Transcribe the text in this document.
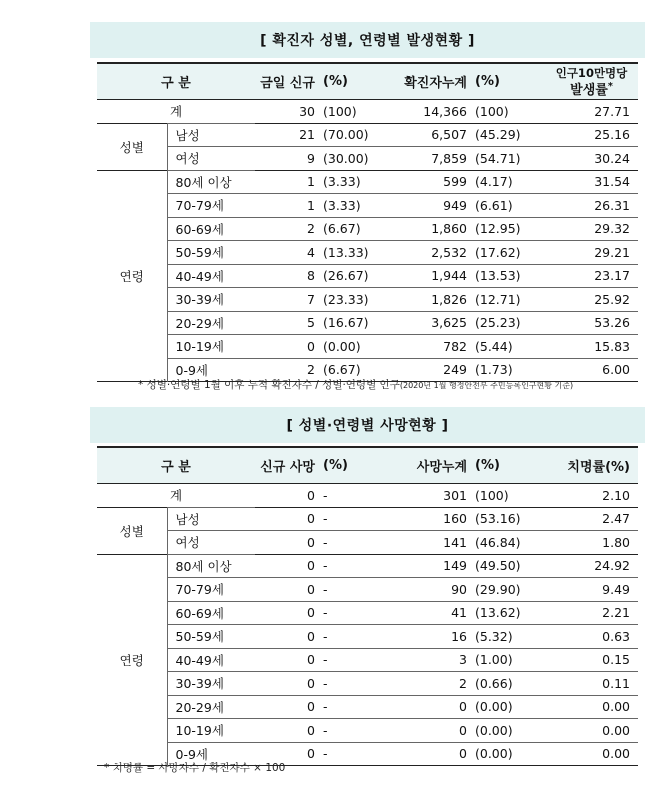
[ 확진자 성별, 연령별 발생현황 ]
구 분		금일 신규	(%)	확진자누계	(%)	인구10만명당
발생률*

계		30	(100)	14,366	(100)	27.71
성별	남성	21	(70.00)	6,507	(45.29)	25.16
	여성	9	(30.00)	7,859	(54.71)	30.24
연령	80세 이상	1	(3.33)	599	(4.17)	31.54
	70-79세	1	(3.33)	949	(6.61)	26.31
	60-69세	2	(6.67)	1,860	(12.95)	29.32
	50-59세	4	(13.33)	2,532	(17.62)	29.21
	40-49세	8	(26.67)	1,944	(13.53)	23.17
	30-39세	7	(23.33)	1,826	(12.71)	25.92
	20-29세	5	(16.67)	3,625	(25.23)	53.26
	10-19세	0	(0.00)	782	(5.44)	15.83
	0-9세	2	(6.67)	249	(1.73)	6.00
* 성별·연령별 1월 이후 누적 확진자수 / 성별·연령별 인구(2020년 1월 행정안전부 주민등록인구현황 기준)
[ 성별·연령별 사망현황 ]
구 분		신규 사망	(%)	사망누계	(%)	치명률(%)
계		0	-	301	(100)	2.10
성별	남성	0	-	160	(53.16)	2.47
	여성	0	-	141	(46.84)	1.80
연령	80세 이상	0	-	149	(49.50)	24.92
	70-79세	0	-	90	(29.90)	9.49
	60-69세	0	-	41	(13.62)	2.21
	50-59세	0	-	16	(5.32)	0.63
	40-49세	0	-	3	(1.00)	0.15
	30-39세	0	-	2	(0.66)	0.11
	20-29세	0	-	0	(0.00)	0.00
	10-19세	0	-	0	(0.00)	0.00
	0-9세	0	-	0	(0.00)	0.00
* 치명률 = 사망자수 / 확진자수 × 100
